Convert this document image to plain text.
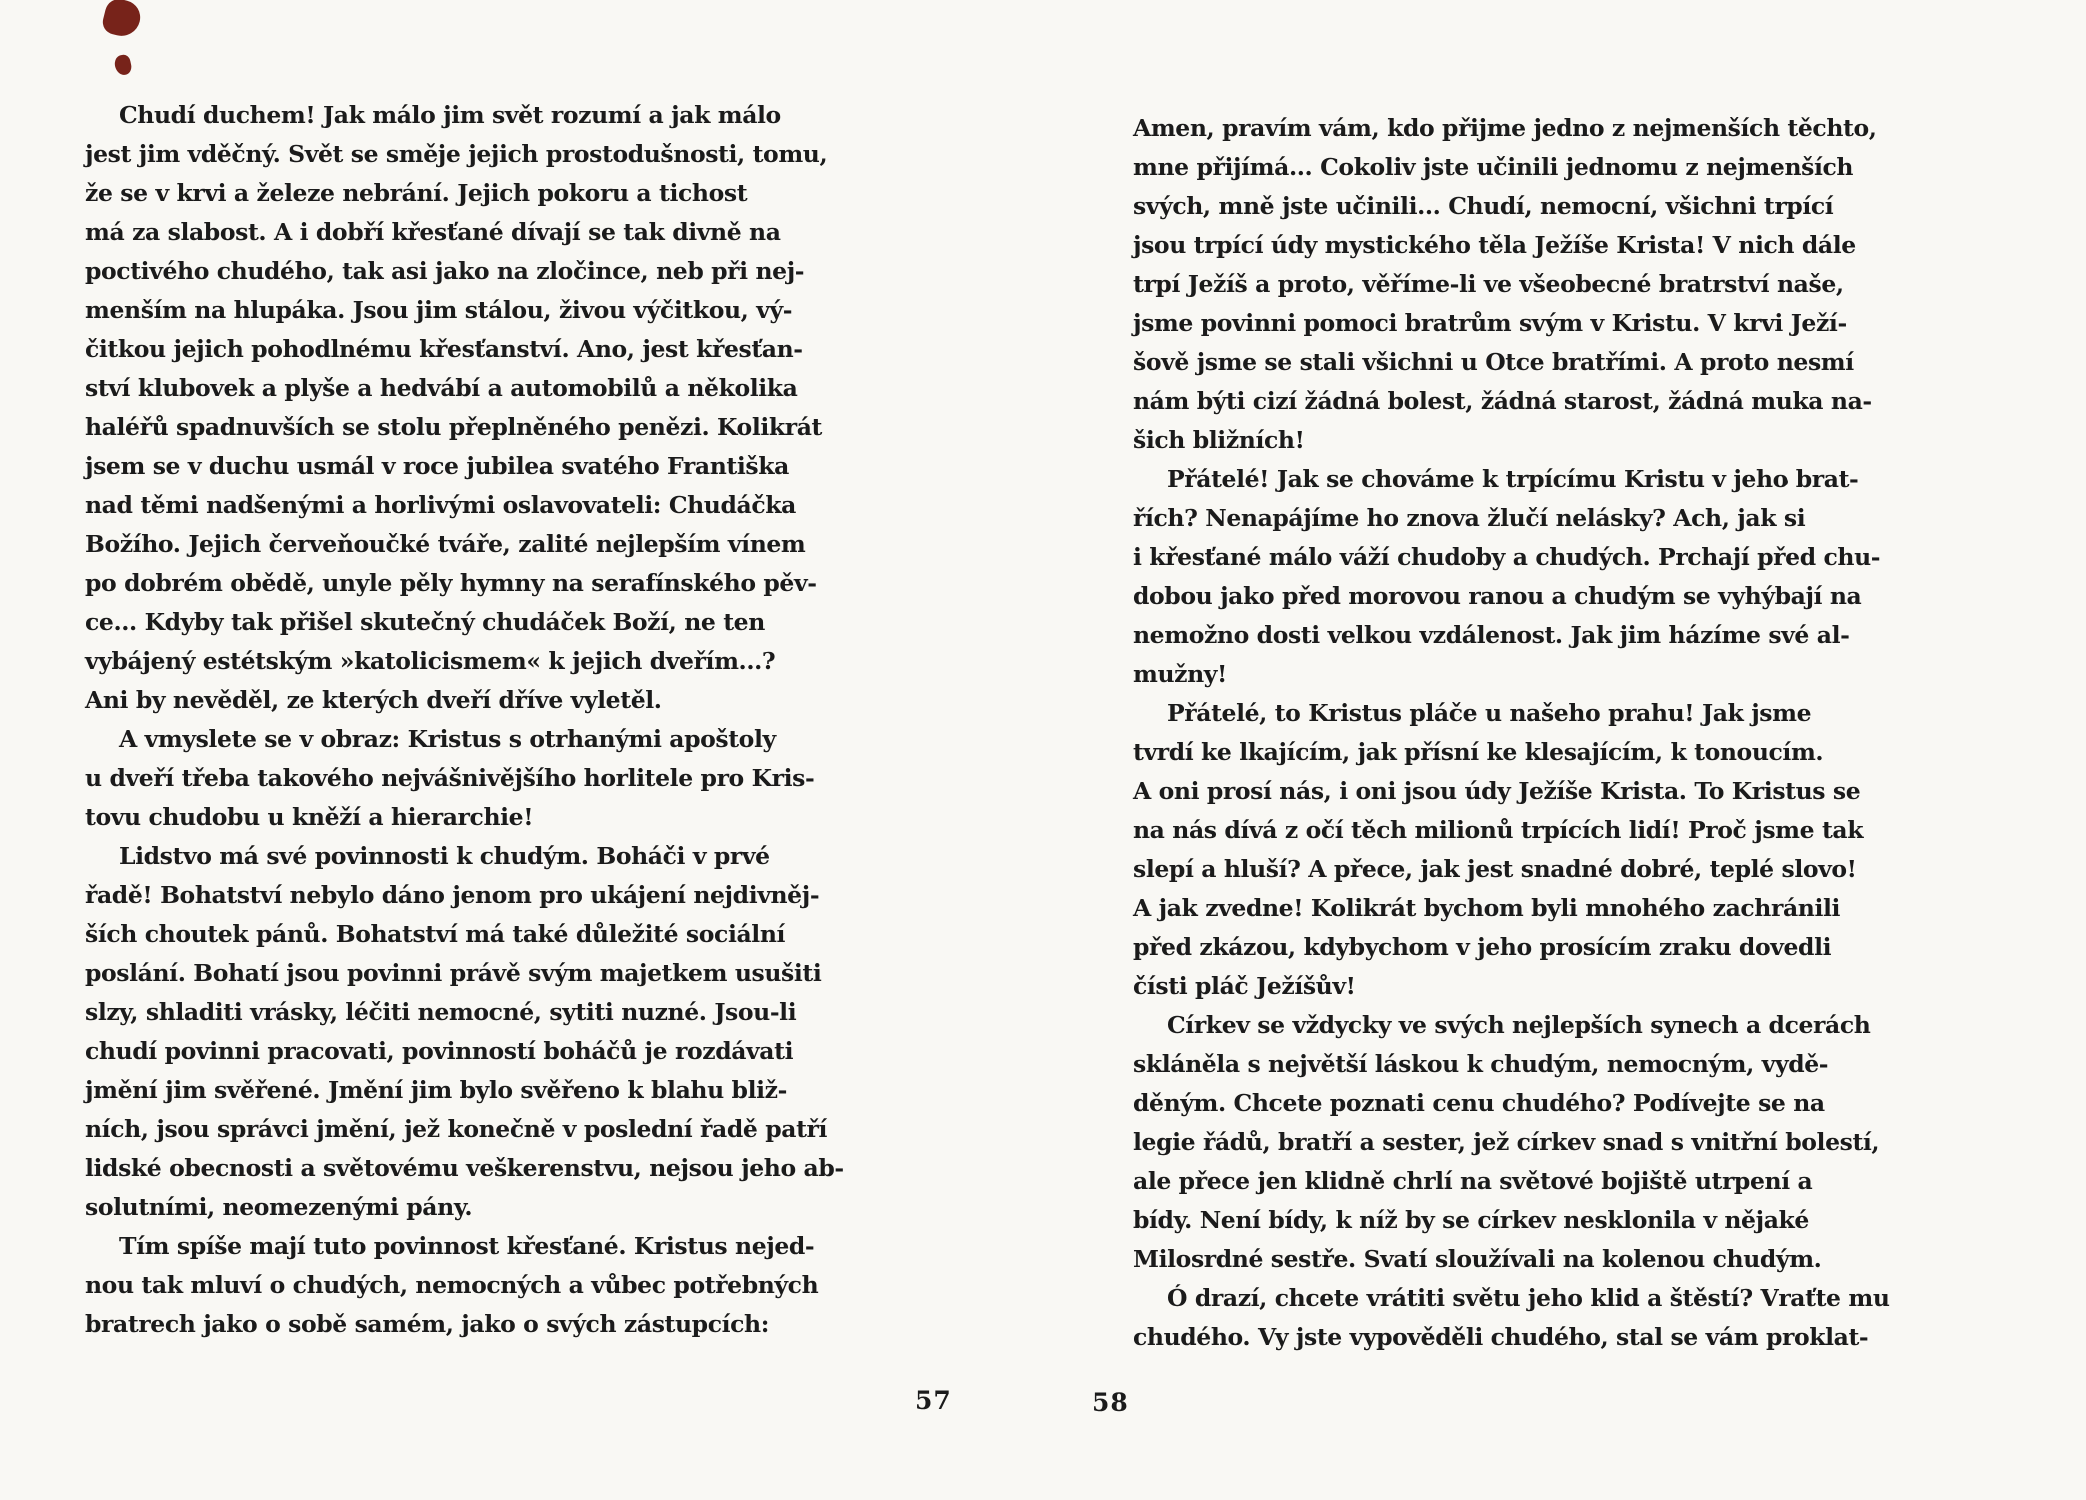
Chudí duchem! Jak málo jim svět rozumí a jak málo
jest jim vděčný. Svět se směje jejich prostodušnosti, tomu,
že se v krvi a železe nebrání. Jejich pokoru a tichost
má za slabost. A i dobří křesťané dívají se tak divně na
poctivého chudého, tak asi jako na zločince, neb při nej-
menším na hlupáka. Jsou jim stálou, živou výčitkou, vý-
čitkou jejich pohodlnému křesťanství. Ano, jest křesťan-
ství klubovek a plyše a hedvábí a automobilů a několika
haléřů spadnuvších se stolu přeplněného penězi. Kolikrát
jsem se v duchu usmál v roce jubilea svatého Františka
nad těmi nadšenými a horlivými oslavovateli: Chudáčka
Božího. Jejich červeňoučké tváře, zalité nejlepším vínem
po dobrém obědě, unyle pěly hymny na serafínského pěv-
ce... Kdyby tak přišel skutečný chudáček Boží, ne ten
vybájený estétským »katolicismem« k jejich dveřím...?
Ani by nevěděl, ze kterých dveří dříve vyletěl.
A vmyslete se v obraz: Kristus s otrhanými apoštoly
u dveří třeba takového nejvášnivějšího horlitele pro Kris-
tovu chudobu u kněží a hierarchie!
Lidstvo má své povinnosti k chudým. Boháči v prvé
řadě! Bohatství nebylo dáno jenom pro ukájení nejdivněj-
ších choutek pánů. Bohatství má také důležité sociální
poslání. Bohatí jsou povinni právě svým majetkem usušiti
slzy, shladiti vrásky, léčiti nemocné, sytiti nuzné. Jsou-li
chudí povinni pracovati, povinností boháčů je rozdávati
jmění jim svěřené. Jmění jim bylo svěřeno k blahu bliž-
ních, jsou správci jmění, jež konečně v poslední řadě patří
lidské obecnosti a světovému veškerenstvu, nejsou jeho ab-
solutními, neomezenými pány.
Tím spíše mají tuto povinnost křesťané. Kristus nejed-
nou tak mluví o chudých, nemocných a vůbec potřebných
bratrech jako o sobě samém, jako o svých zástupcích:
Amen, pravím vám, kdo přijme jedno z nejmenších těchto,
mne přijímá... Cokoliv jste učinili jednomu z nejmenších
svých, mně jste učinili... Chudí, nemocní, všichni trpící
jsou trpící údy mystického těla Ježíše Krista! V nich dále
trpí Ježíš a proto, věříme-li ve všeobecné bratrství naše,
jsme povinni pomoci bratrům svým v Kristu. V krvi Ježí-
šově jsme se stali všichni u Otce bratřími. A proto nesmí
nám býti cizí žádná bolest, žádná starost, žádná muka na-
šich bližních!
Přátelé! Jak se chováme k trpícímu Kristu v jeho brat-
řích? Nenapájíme ho znova žlučí nelásky? Ach, jak si
i křesťané málo váží chudoby a chudých. Prchají před chu-
dobou jako před morovou ranou a chudým se vyhýbají na
nemožno dosti velkou vzdálenost. Jak jim házíme své al-
mužny!
Přátelé, to Kristus pláče u našeho prahu! Jak jsme
tvrdí ke lkajícím, jak přísní ke klesajícím, k tonoucím.
A oni prosí nás, i oni jsou údy Ježíše Krista. To Kristus se
na nás dívá z očí těch milionů trpících lidí! Proč jsme tak
slepí a hluší? A přece, jak jest snadné dobré, teplé slovo!
A jak zvedne! Kolikrát bychom byli mnohého zachránili
před zkázou, kdybychom v jeho prosícím zraku dovedli
čísti pláč Ježíšův!
Církev se vždycky ve svých nejlepších synech a dcerách
skláněla s největší láskou k chudým, nemocným, vydě-
děným. Chcete poznati cenu chudého? Podívejte se na
legie řádů, bratří a sester, jež církev snad s vnitřní bolestí,
ale přece jen klidně chrlí na světové bojiště utrpení a
bídy. Není bídy, k níž by se církev nesklonila v nějaké
Milosrdné sestře. Svatí sloužívali na kolenou chudým.
Ó drazí, chcete vrátiti světu jeho klid a štěstí? Vraťte mu
chudého. Vy jste vypověděli chudého, stal se vám proklat-
57	58
